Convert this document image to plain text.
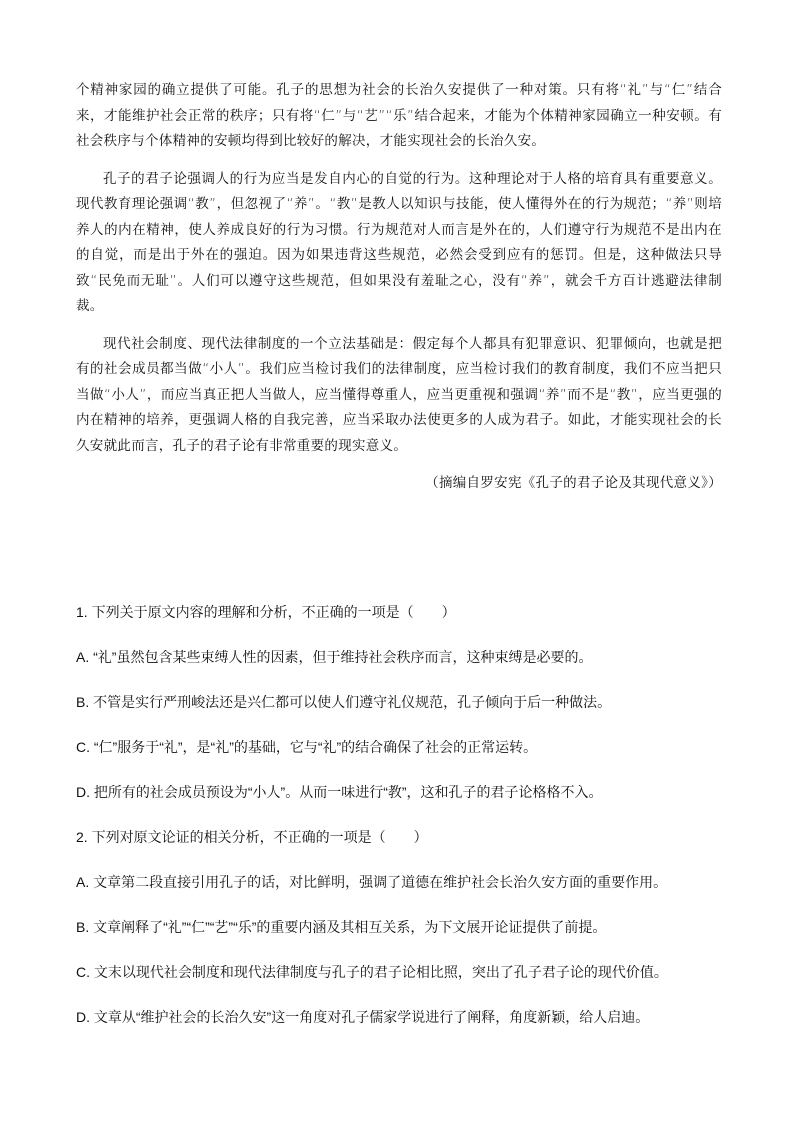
个精神家园的确立提供了可能。孔子的思想为社会的长治久安提供了一种对策。只有将“礼”与“仁”结合来，才能维护社会正常的秩序；只有将“仁”与“艺”“乐”结合起来，才能为个体精神家园确立一种安顿。有社会秩序与个体精神的安顿均得到比较好的解决，才能实现社会的长治久安。

孔子的君子论强调人的行为应当是发自内心的自觉的行为。这种理论对于人格的培育具有重要意义。现代教育理论强调“教”，但忽视了“养”。“教”是教人以知识与技能，使人懂得外在的行为规范；“养”则培养人的内在精神，使人养成良好的行为习惯。行为规范对人而言是外在的，人们遵守行为规范不是出内在的自觉，而是出于外在的强迫。因为如果违背这些规范，必然会受到应有的惩罚。但是，这种做法只导致“民免而无耻”。人们可以遵守这些规范，但如果没有羞耻之心，没有“养”，就会千方百计逃避法律制裁。

现代社会制度、现代法律制度的一个立法基础是：假定每个人都具有犯罪意识、犯罪倾向，也就是把有的社会成员都当做“小人”。我们应当检讨我们的法律制度，应当检讨我们的教育制度，我们不应当把只当做“小人”，而应当真正把人当做人，应当懂得尊重人，应当更重视和强调“养”而不是“教”，应当更强的内在精神的培养，更强调人格的自我完善，应当采取办法使更多的人成为君子。如此，才能实现社会的长久安就此而言，孔子的君子论有非常重要的现实意义。

（摘编自罗安宪《孔子的君子论及其现代意义》）
1. 下列关于原文内容的理解和分析，不正确的一项是（　　）
A. “礼”虽然包含某些束缚人性的因素，但于维持社会秩序而言，这种束缚是必要的。
B. 不管是实行严刑峻法还是兴仁都可以使人们遵守礼仪规范，孔子倾向于后一种做法。
C. “仁”服务于“礼”，是“礼”的基础，它与“礼”的结合确保了社会的正常运转。
D. 把所有的社会成员预设为“小人”。从而一味进行“教”，这和孔子的君子论格格不入。
2. 下列对原文论证的相关分析，不正确的一项是（　　）
A. 文章第二段直接引用孔子的话，对比鲜明，强调了道德在维护社会长治久安方面的重要作用。
B. 文章阐释了“礼”“仁”“艺”“乐”的重要内涵及其相互关系，为下文展开论证提供了前提。
C. 文末以现代社会制度和现代法律制度与孔子的君子论相比照，突出了孔子君子论的现代价值。
D. 文章从“维护社会的长治久安”这一角度对孔子儒家学说进行了阐释，角度新颖，给人启迪。
